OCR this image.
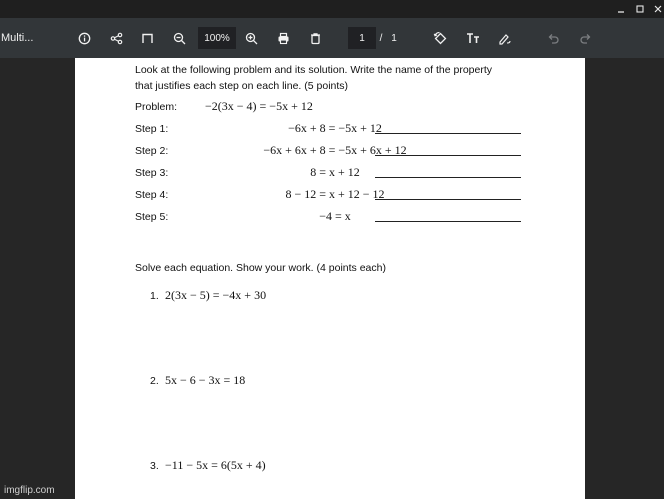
Multi...	100%	1	/ 1
Look at the following problem and its solution. Write the name of the property
that justifies each step on each line. (5 points)
Problem: −2(3x − 4) = −5x + 12
Step 1:	−6x + 8 = −5x + 12
Step 2:	−6x + 6x + 8 = −5x + 6x + 12
Step 3:	8 = x + 12
Step 4:	8 − 12 = x + 12 − 12
Step 5:	−4 = x
Solve each equation. Show your work. (4 points each)
1. 2(3x − 5) = −4x + 30
2. 5x − 6 − 3x = 18
3. −11 − 5x = 6(5x + 4)
imgflip.com
